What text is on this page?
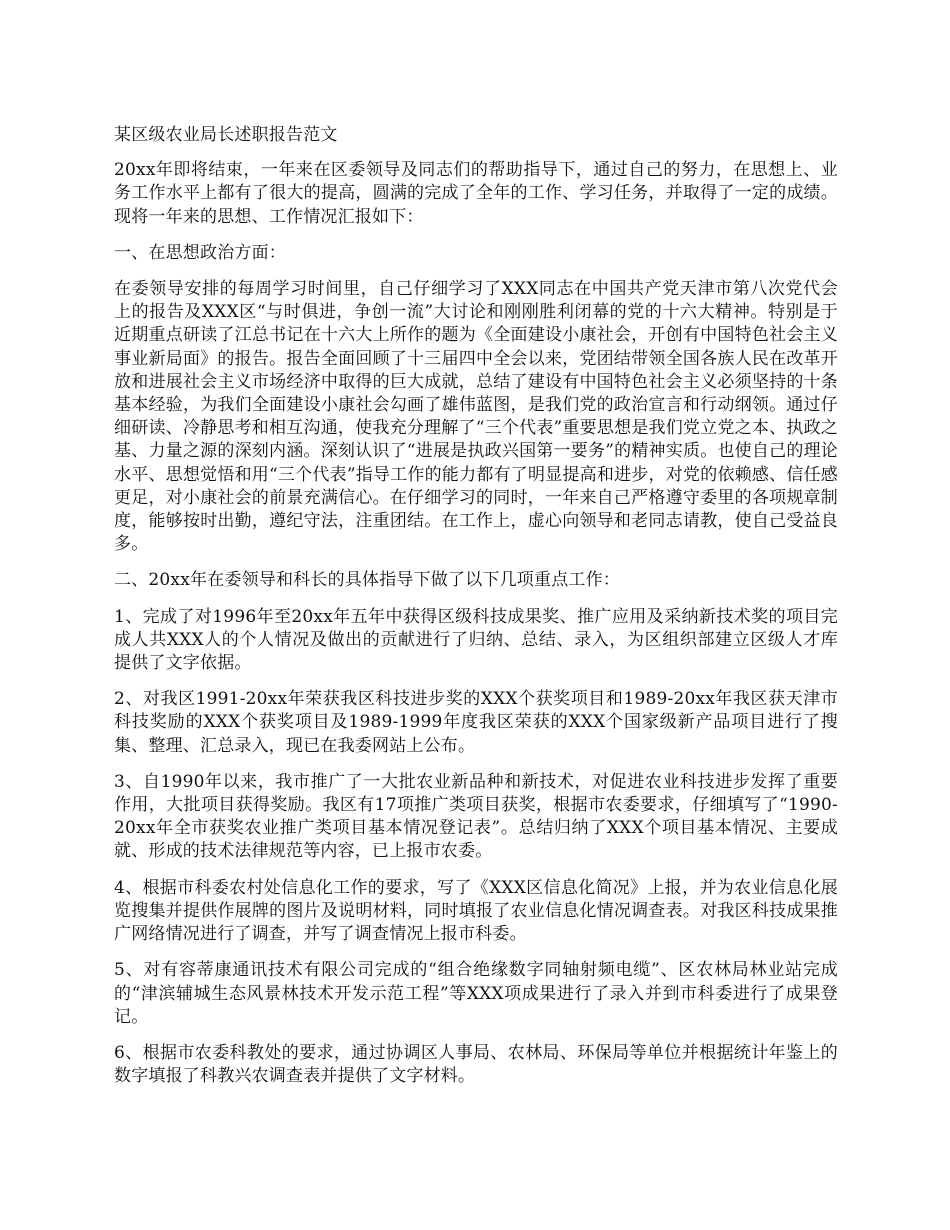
某区级农业局长述职报告范文

20xx年即将结束，一年来在区委领导及同志们的帮助指导下，通过自己的努力，在思想上、业务工作水平上都有了很大的提高，圆满的完成了全年的工作、学习任务，并取得了一定的成绩。现将一年来的思想、工作情况汇报如下：

一、在思想政治方面：

在委领导安排的每周学习时间里，自己仔细学习了XXX同志在中国共产党天津市第八次党代会上的报告及XXX区“与时俱进，争创一流”大讨论和刚刚胜利闭幕的党的十六大精神。特别是于近期重点研读了江总书记在十六大上所作的题为《全面建设小康社会，开创有中国特色社会主义事业新局面》的报告。报告全面回顾了十三届四中全会以来，党团结带领全国各族人民在改革开放和进展社会主义市场经济中取得的巨大成就，总结了建设有中国特色社会主义必须坚持的十条基本经验，为我们全面建设小康社会勾画了雄伟蓝图，是我们党的政治宣言和行动纲领。通过仔细研读、冷静思考和相互沟通，使我充分理解了“三个代表”重要思想是我们党立党之本、执政之基、力量之源的深刻内涵。深刻认识了“进展是执政兴国第一要务”的精神实质。也使自己的理论水平、思想觉悟和用“三个代表”指导工作的能力都有了明显提高和进步，对党的依赖感、信任感更足，对小康社会的前景充满信心。在仔细学习的同时，一年来自己严格遵守委里的各项规章制度，能够按时出勤，遵纪守法，注重团结。在工作上，虚心向领导和老同志请教，使自己受益良多。

二、20xx年在委领导和科长的具体指导下做了以下几项重点工作：

1、完成了对1996年至20xx年五年中获得区级科技成果奖、推广应用及采纳新技术奖的项目完成人共XXX人的个人情况及做出的贡献进行了归纳、总结、录入，为区组织部建立区级人才库提供了文字依据。

2、对我区1991-20xx年荣获我区科技进步奖的XXX个获奖项目和1989-20xx年我区获天津市科技奖励的XXX个获奖项目及1989-1999年度我区荣获的XXX个国家级新产品项目进行了搜集、整理、汇总录入，现已在我委网站上公布。

3、自1990年以来，我市推广了一大批农业新品种和新技术，对促进农业科技进步发挥了重要作用，大批项目获得奖励。我区有17项推广类项目获奖，根据市农委要求，仔细填写了“1990-20xx年全市获奖农业推广类项目基本情况登记表”。总结归纳了XXX个项目基本情况、主要成就、形成的技术法律规范等内容，已上报市农委。

4、根据市科委农村处信息化工作的要求，写了《XXX区信息化简况》上报，并为农业信息化展览搜集并提供作展牌的图片及说明材料，同时填报了农业信息化情况调查表。对我区科技成果推广网络情况进行了调查，并写了调查情况上报市科委。

5、对有容蒂康通讯技术有限公司完成的“组合绝缘数字同轴射频电缆”、区农林局林业站完成的“津滨辅城生态风景林技术开发示范工程”等XXX项成果进行了录入并到市科委进行了成果登记。

6、根据市农委科教处的要求，通过协调区人事局、农林局、环保局等单位并根据统计年鉴上的数字填报了科教兴农调查表并提供了文字材料。
